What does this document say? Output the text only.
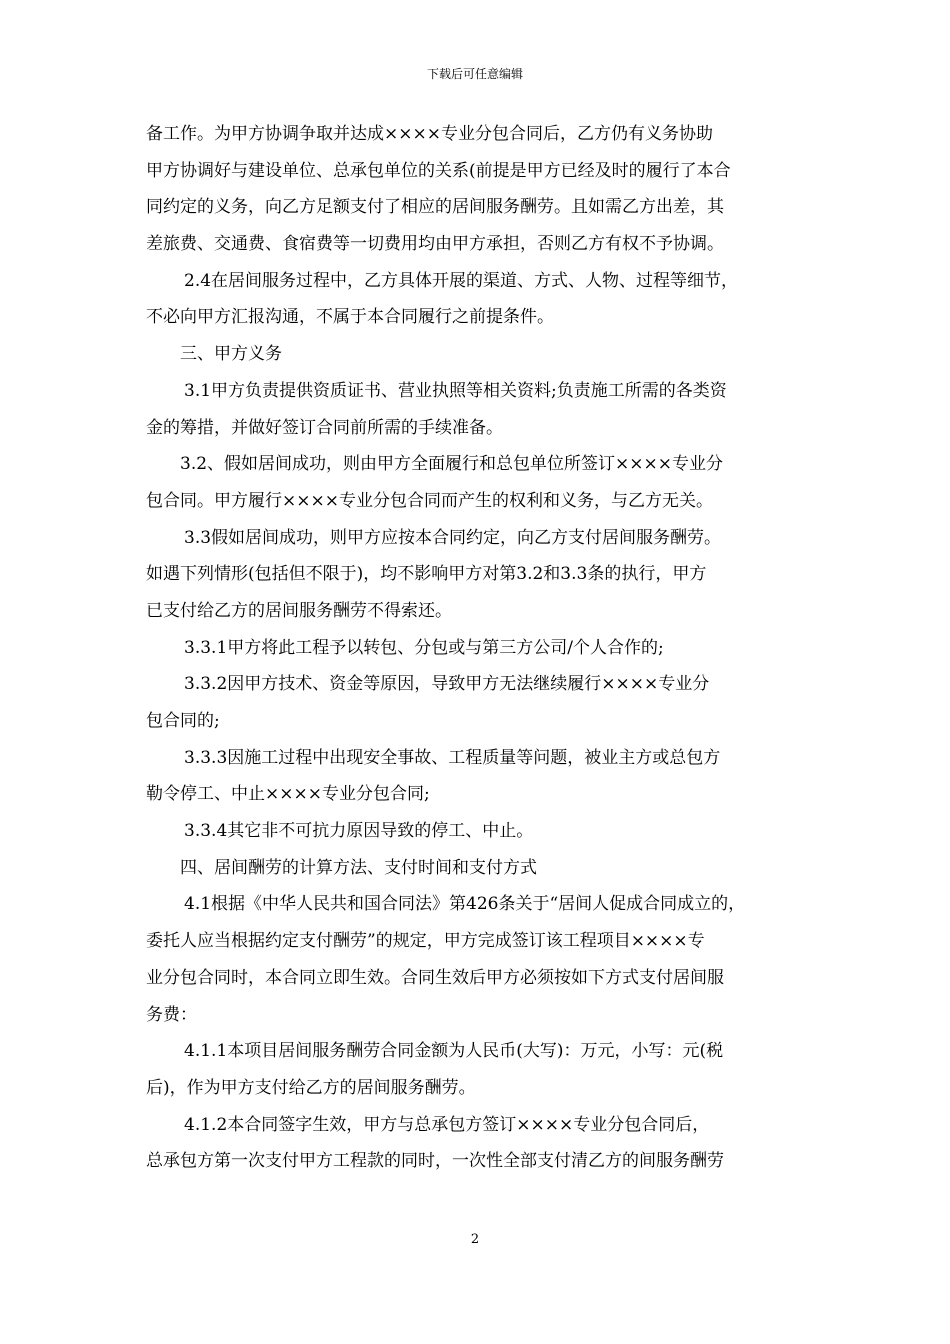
下载后可任意编辑
备工作。为甲方协调争取并达成××××专业分包合同后，乙方仍有义务协助
甲方协调好与建设单位、总承包单位的关系(前提是甲方已经及时的履行了本合
同约定的义务，向乙方足额支付了相应的居间服务酬劳。且如需乙方出差，其
差旅费、交通费、食宿费等一切费用均由甲方承担，否则乙方有权不予协调。
2.4在居间服务过程中，乙方具体开展的渠道、方式、人物、过程等细节，
不必向甲方汇报沟通，不属于本合同履行之前提条件。
三、甲方义务
3.1甲方负责提供资质证书、营业执照等相关资料;负责施工所需的各类资
金的筹措，并做好签订合同前所需的手续准备。
3.2、假如居间成功，则由甲方全面履行和总包单位所签订××××专业分
包合同。甲方履行××××专业分包合同而产生的权利和义务，与乙方无关。
3.3假如居间成功，则甲方应按本合同约定，向乙方支付居间服务酬劳。
如遇下列情形(包括但不限于)，均不影响甲方对第3.2和3.3条的执行，甲方
已支付给乙方的居间服务酬劳不得索还。
3.3.1甲方将此工程予以转包、分包或与第三方公司/个人合作的;
3.3.2因甲方技术、资金等原因，导致甲方无法继续履行××××专业分
包合同的;
3.3.3因施工过程中出现安全事故、工程质量等问题，被业主方或总包方
勒令停工、中止××××专业分包合同;
3.3.4其它非不可抗力原因导致的停工、中止。
四、居间酬劳的计算方法、支付时间和支付方式
4.1根据《中华人民共和国合同法》第426条关于“居间人促成合同成立的，
委托人应当根据约定支付酬劳”的规定，甲方完成签订该工程项目××××专
业分包合同时，本合同立即生效。合同生效后甲方必须按如下方式支付居间服
务费：
4.1.1本项目居间服务酬劳合同金额为人民币(大写)：万元，小写：元(税
后)，作为甲方支付给乙方的居间服务酬劳。
4.1.2本合同签字生效，甲方与总承包方签订××××专业分包合同后，
总承包方第一次支付甲方工程款的同时，一次性全部支付清乙方的间服务酬劳
2
